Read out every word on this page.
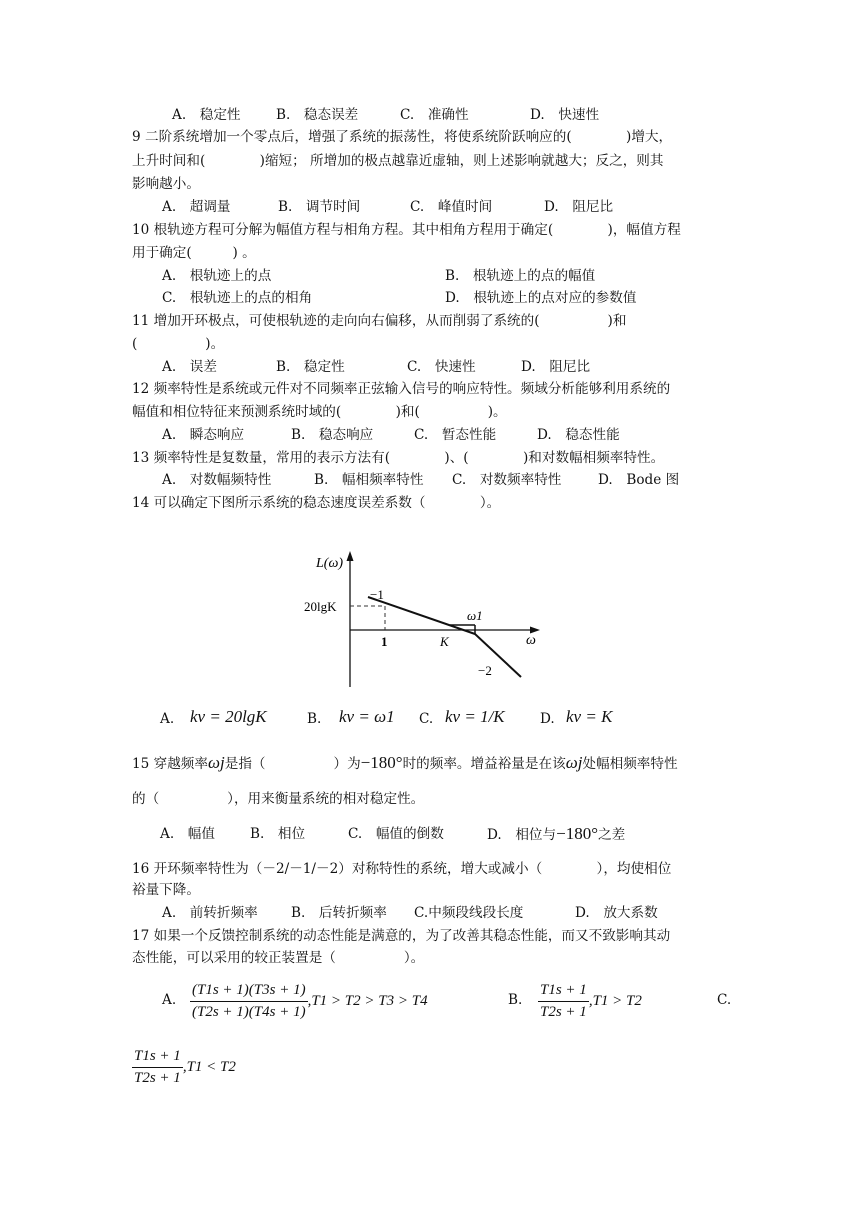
A.　稳定性	B.　稳态误差	C.　准确性	D.　快速性
9 二阶系统增加一个零点后，增强了系统的振荡性，将使系统阶跃响应的(　　　　)增大，
上升时间和(　　　　)缩短； 所增加的极点越靠近虚轴，则上述影响就越大；反之，则其
影响越小。
A.　超调量	B.　调节时间	C.　峰值时间	D.　阻尼比
10 根轨迹方程可分解为幅值方程与相角方程。其中相角方程用于确定(　　　　)，幅值方程
用于确定(　　　) 。
A.　根轨迹上的点	B.　根轨迹上的点的幅值
C.　根轨迹上的点的相角	D.　根轨迹上的点对应的参数值
11 增加开环极点，可使根轨迹的走向向右偏移，从而削弱了系统的(　　　　　)和
(　　　　　)。
A.　误差	B.　稳定性	C.　快速性	D.　阻尼比
12 频率特性是系统或元件对不同频率正弦输入信号的响应特性。频域分析能够利用系统的
幅值和相位特征来预测系统时域的(　　　　)和(　　　　　)。
A.　瞬态响应	B.　稳态响应	C.　暂态性能	D.　稳态性能
13 频率特性是复数量，常用的表示方法有(　　　　)、(　　　　)和对数幅相频率特性。
A.　对数幅频特性	B.　幅相频率特性 C.　对数频率特性	D.　Bode 图
14 可以确定下图所示系统的稳态速度误差系数（　　　　）。
L(ω)
ω
20lgK
1	K
ω1
−1
−2
A. kv = 20lgK	B. kv = ω1 C. kv = 1/K	D. kv = K
15 穿越频率ωj是指（　　　　　）为−180°时的频率。增益裕量是在该ωj处幅相频率特性
的（　　　　　），用来衡量系统的相对稳定性。
A.　幅值	B.　相位	C.　幅值的倒数	D.　相位与−180°之差
16 开环频率特性为（－2/－1/－2）对称特性的系统，增大或减小（　　　　），均使相位
裕量下降。
A.　前转折频率 B.　后转折频率 C.中频段线段长度	D.　放大系数
17 如果一个反馈控制系统的动态性能是满意的，为了改善其稳态性能，而又不致影响其动
态性能，可以采用的较正装置是（　　　　　）。
A. $\frac{(T1s + 1)(T3s + 1)}{(T2s + 1)(T4s + 1)} ,T1 > T2 > T3 > T4$	B. $\frac{T1s + 1}{T2s + 1} ,T1 > T2$	C.
$\frac{T1s + 1}{T2s + 1} ,T1 < T2$
